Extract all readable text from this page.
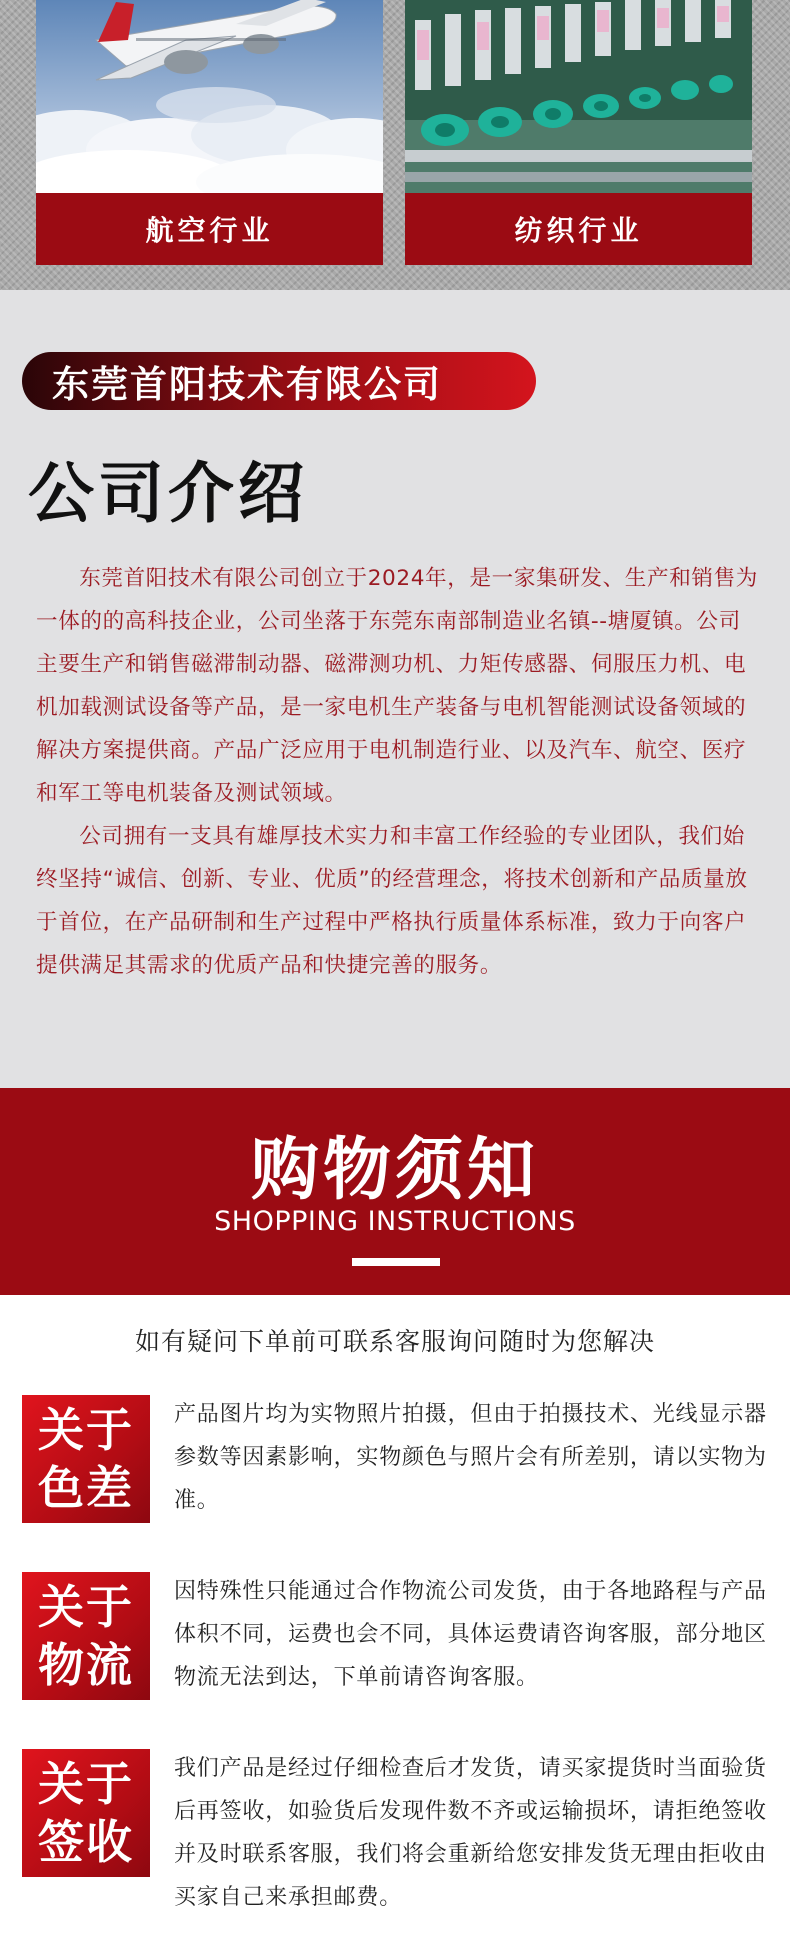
航空行业	纺织行业
东莞首阳技术有限公司
公司介绍

东莞首阳技术有限公司创立于2024年，是一家集研发、生产和销售为一体的的高科技企业，公司坐落于东莞东南部制造业名镇--塘厦镇。公司主要生产和销售磁滞制动器、磁滞测功机、力矩传感器、伺服压力机、电机加载测试设备等产品，是一家电机生产装备与电机智能测试设备领域的解决方案提供商。产品广泛应用于电机制造行业、以及汽车、航空、医疗和军工等电机装备及测试领域。

公司拥有一支具有雄厚技术实力和丰富工作经验的专业团队，我们始终坚持“诚信、创新、专业、优质”的经营理念，将技术创新和产品质量放于首位，在产品研制和生产过程中严格执行质量体系标准，致力于向客户提供满足其需求的优质产品和快捷完善的服务。

购物须知
SHOPPING INSTRUCTIONS
如有疑问下单前可联系客服询问随时为您解决
关于
色差
产品图片均为实物照片拍摄，但由于拍摄技术、光线显示器参数等因素影响，实物颜色与照片会有所差别，请以实物为准。
关于
物流
因特殊性只能通过合作物流公司发货，由于各地路程与产品体积不同，运费也会不同，具体运费请咨询客服，部分地区物流无法到达，下单前请咨询客服。
关于
签收
我们产品是经过仔细检查后才发货，请买家提货时当面验货后再签收，如验货后发现件数不齐或运输损坏，请拒绝签收并及时联系客服，我们将会重新给您安排发货无理由拒收由买家自己来承担邮费。
